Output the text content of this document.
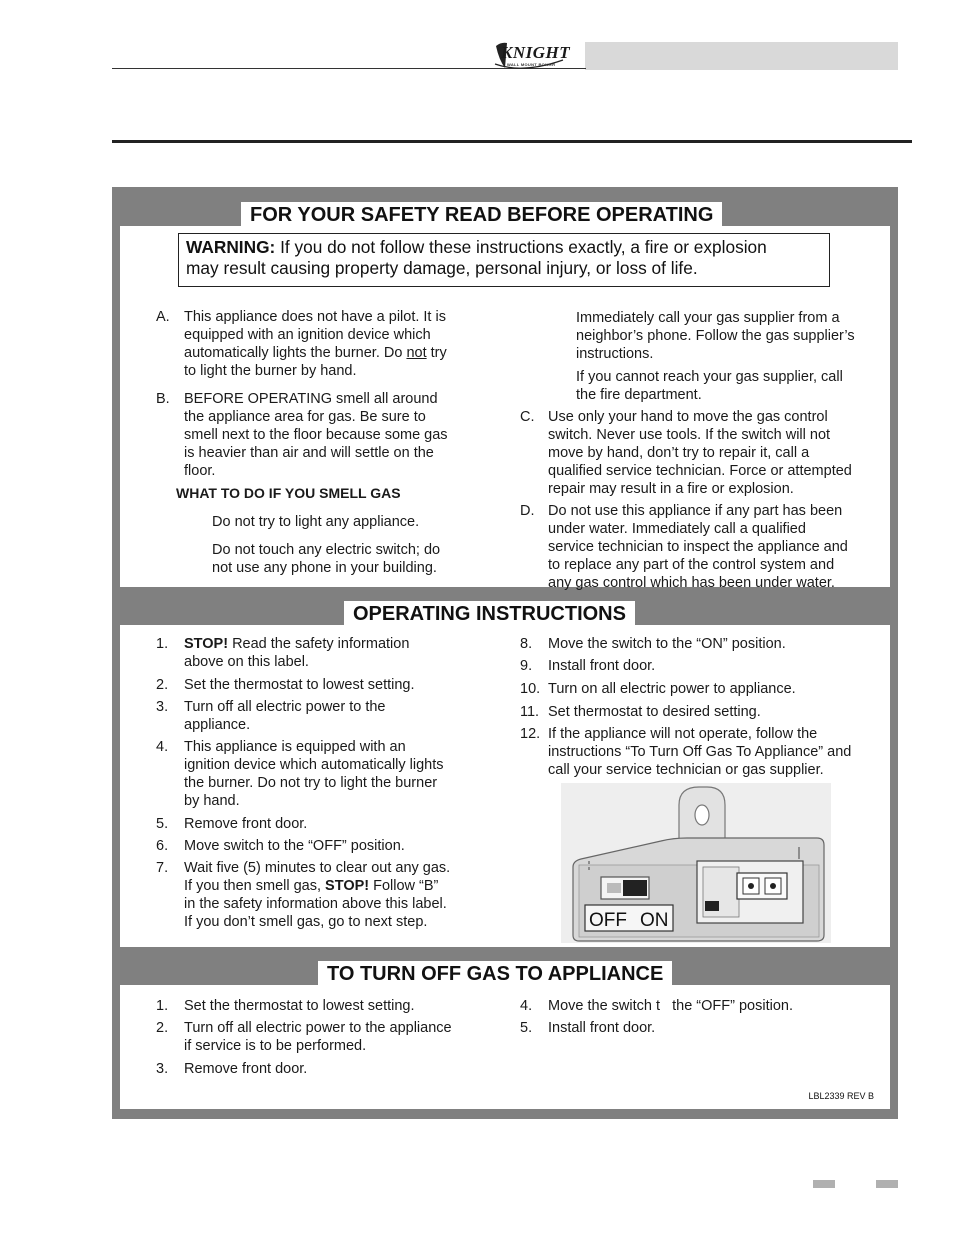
KNIGHT
WALL MOUNT BOILER
FOR YOUR SAFETY READ BEFORE OPERATING
WARNING: If you do not follow these instructions exactly, a fire or explosion
may result causing property damage, personal injury, or loss of life.
A. This appliance does not have a pilot. It is
equipped with an ignition device which
automatically lights the burner. Do not try
to light the burner by hand.
B. BEFORE OPERATING smell all around
the appliance area for gas. Be sure to
smell next to the floor because some gas
is heavier than air and will settle on the
floor.
WHAT TO DO IF YOU SMELL GAS
Do not try to light any appliance.
Do not touch any electric switch; do
not use any phone in your building.
Immediately call your gas supplier from a
neighbor’s phone. Follow the gas supplier’s
instructions.
If you cannot reach your gas supplier, call
the fire department.
C. Use only your hand to move the gas control
switch. Never use tools. If the switch will not
move by hand, don’t try to repair it, call a
qualified service technician. Force or attempted
repair may result in a fire or explosion.
D. Do not use this appliance if any part has been
under water. Immediately call a qualified
service technician to inspect the appliance and
to replace any part of the control system and
any gas control which has been under water.
OPERATING INSTRUCTIONS
1. STOP! Read the safety information
above on this label.
2. Set the thermostat to lowest setting.
3. Turn off all electric power to the
appliance.
4. This appliance is equipped with an
ignition device which automatically lights
the burner. Do not try to light the burner
by hand.
5. Remove front door.
6. Move switch to the “OFF” position.
7. Wait five (5) minutes to clear out any gas.
If you then smell gas, STOP! Follow “B”
in the safety information above this label.
If you don’t smell gas, go to next step.
8. Move the switch to the “ON” position.
9. Install front door.
10. Turn on all electric power to appliance.
11. Set thermostat to desired setting.
12. If the appliance will not operate, follow the
instructions “To Turn Off Gas To Appliance” and
call your service technician or gas supplier.
TO TURN OFF GAS TO APPLIANCE
1. Set the thermostat to lowest setting.
2. Turn off all electric power to the appliance
if service is to be performed.
3. Remove front door.
4. Move the switch t   the “OFF” position.
5. Install front door.
LBL2339 REV B
OFF ON
